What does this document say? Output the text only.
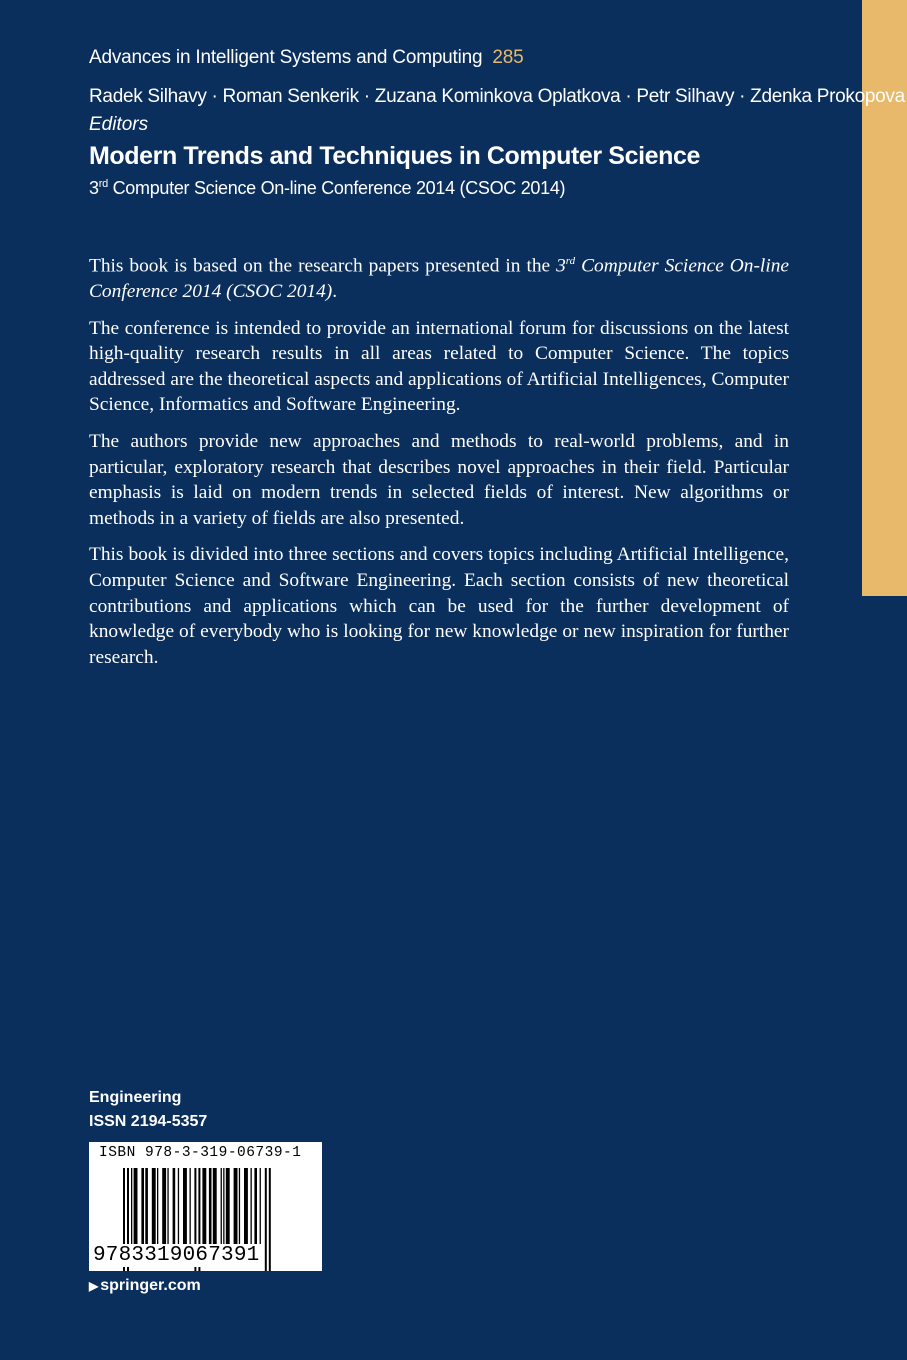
Advances in Intelligent Systems and Computing 285
Radek Silhavy · Roman Senkerik · Zuzana Kominkova Oplatkova · Petr Silhavy · Zdenka Prokopova
Editors
Modern Trends and Techniques in Computer Science
3rd Computer Science On-line Conference 2014 (CSOC 2014)

This book is based on the research papers presented in the 3rd Computer Science On-line Conference 2014 (CSOC 2014).

The conference is intended to provide an international forum for discussions on the latest high-quality research results in all areas related to Computer Science. The topics addressed are the theoretical aspects and applications of Artificial Intelligences, Computer Science, Informatics and Software Engineering.

The authors provide new approaches and methods to real-world problems, and in particular, exploratory research that describes novel approaches in their field. Particular emphasis is laid on modern trends in selected fields of interest. New algorithms or methods in a variety of fields are also presented.

This book is divided into three sections and covers topics including Artificial Intelligence, Computer Science and Software Engineering. Each section consists of new theoretical contributions and applications which can be used for the further development of knowledge of everybody who is looking for new knowledge or new inspiration for further research.

Engineering
ISSN 2194-5357
ISBN 978-3-319-06739-1
9783319067391
▶ springer.com
